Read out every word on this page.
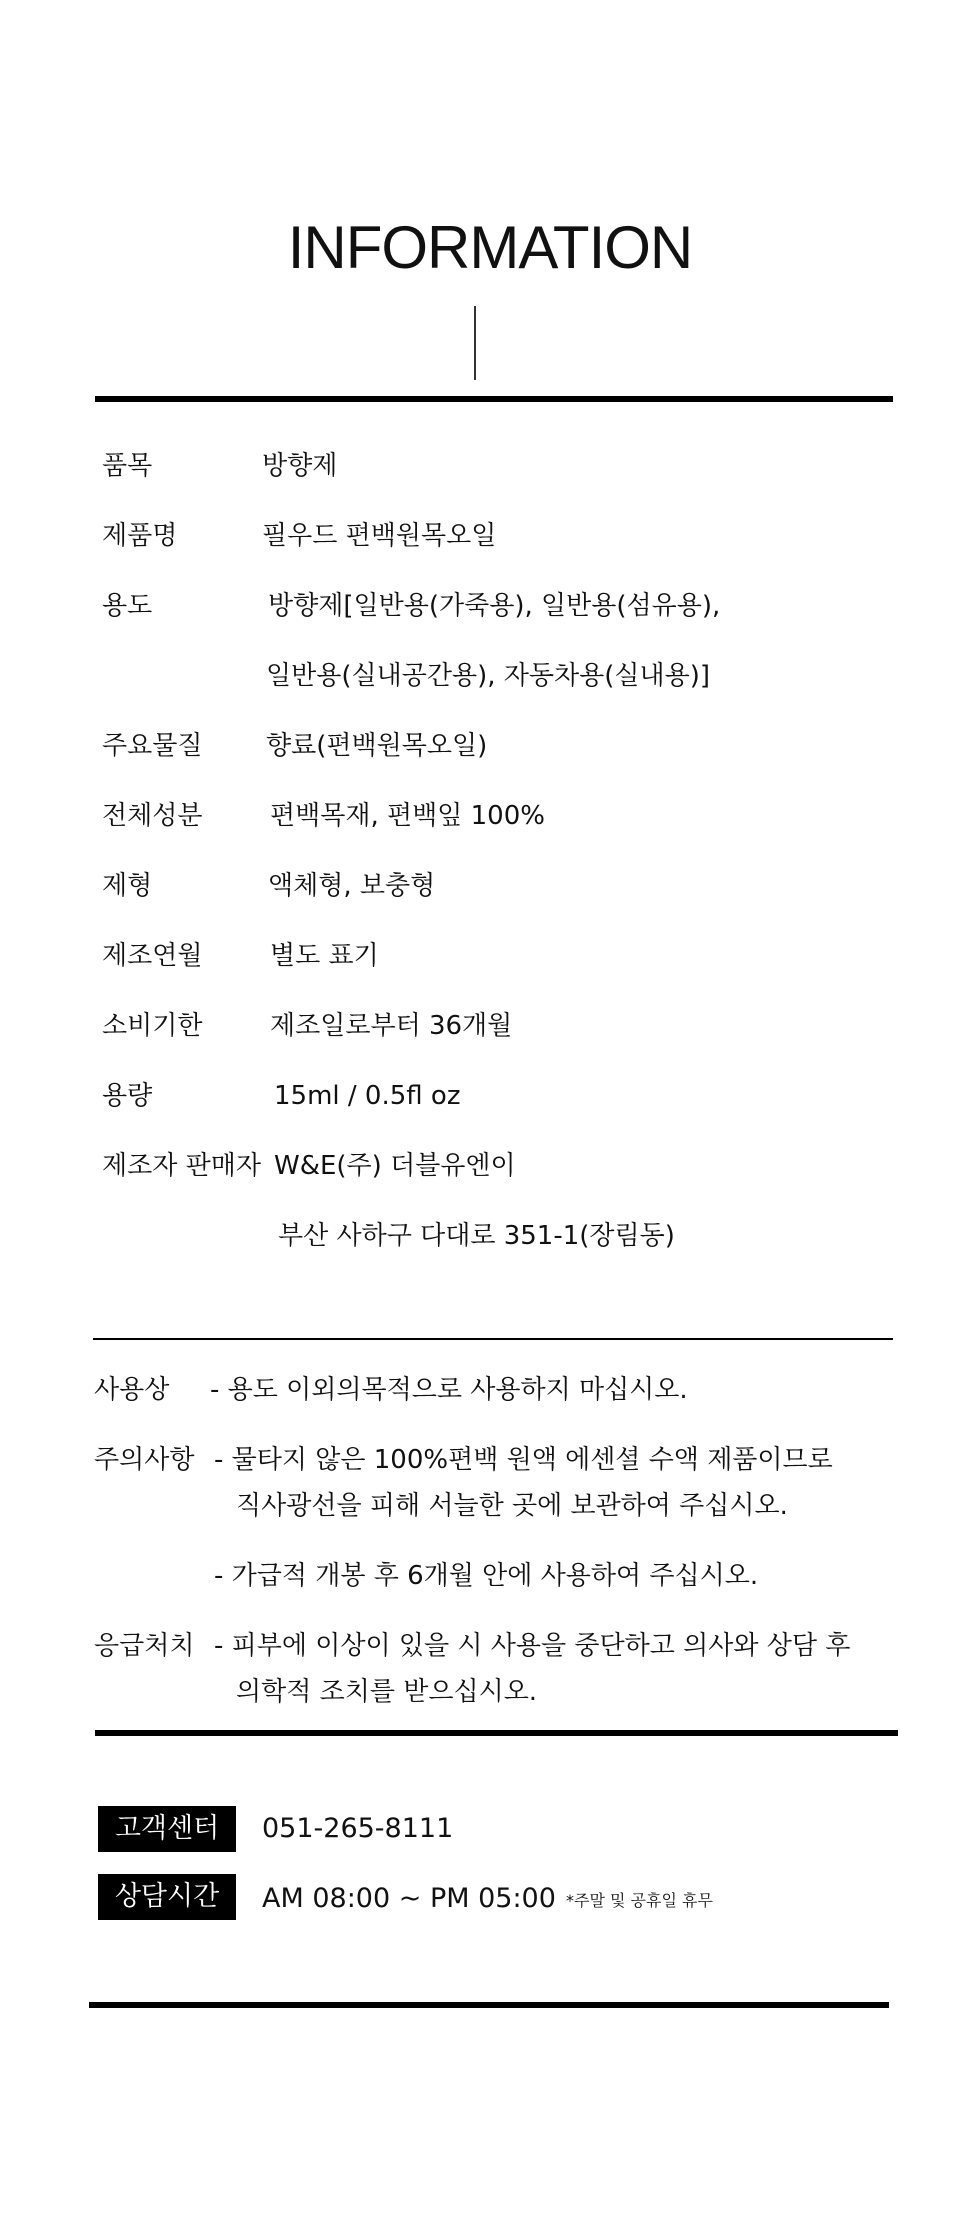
INFORMATION
품목	방향제
제품명	필우드 편백원목오일
용도	방향제[일반용(가죽용), 일반용(섬유용),
일반용(실내공간용), 자동차용(실내용)]
주요물질 향료(편백원목오일)
전체성분	편백목재, 편백잎 100%
제형	액체형, 보충형
제조연월	별도 표기
소비기한	제조일로부터 36개월
용량	15ml / 0.5fl oz
제조자 판매자 W&E(주) 더블유엔이
부산 사하구 다대로 351-1(장림동)
사용상 - 용도 이외의목적으로 사용하지 마십시오.
주의사항 - 물타지 않은 100%편백 원액 에센셜 수액 제품이므로
직사광선을 피해 서늘한 곳에 보관하여 주십시오.
- 가급적 개봉 후 6개월 안에 사용하여 주십시오.
응급처치 - 피부에 이상이 있을 시 사용을 중단하고 의사와 상담 후
의학적 조치를 받으십시오.
고객센터	051-265-8111
상담시간	AM 08:00 ~ PM 05:00 *주말 및 공휴일 휴무
